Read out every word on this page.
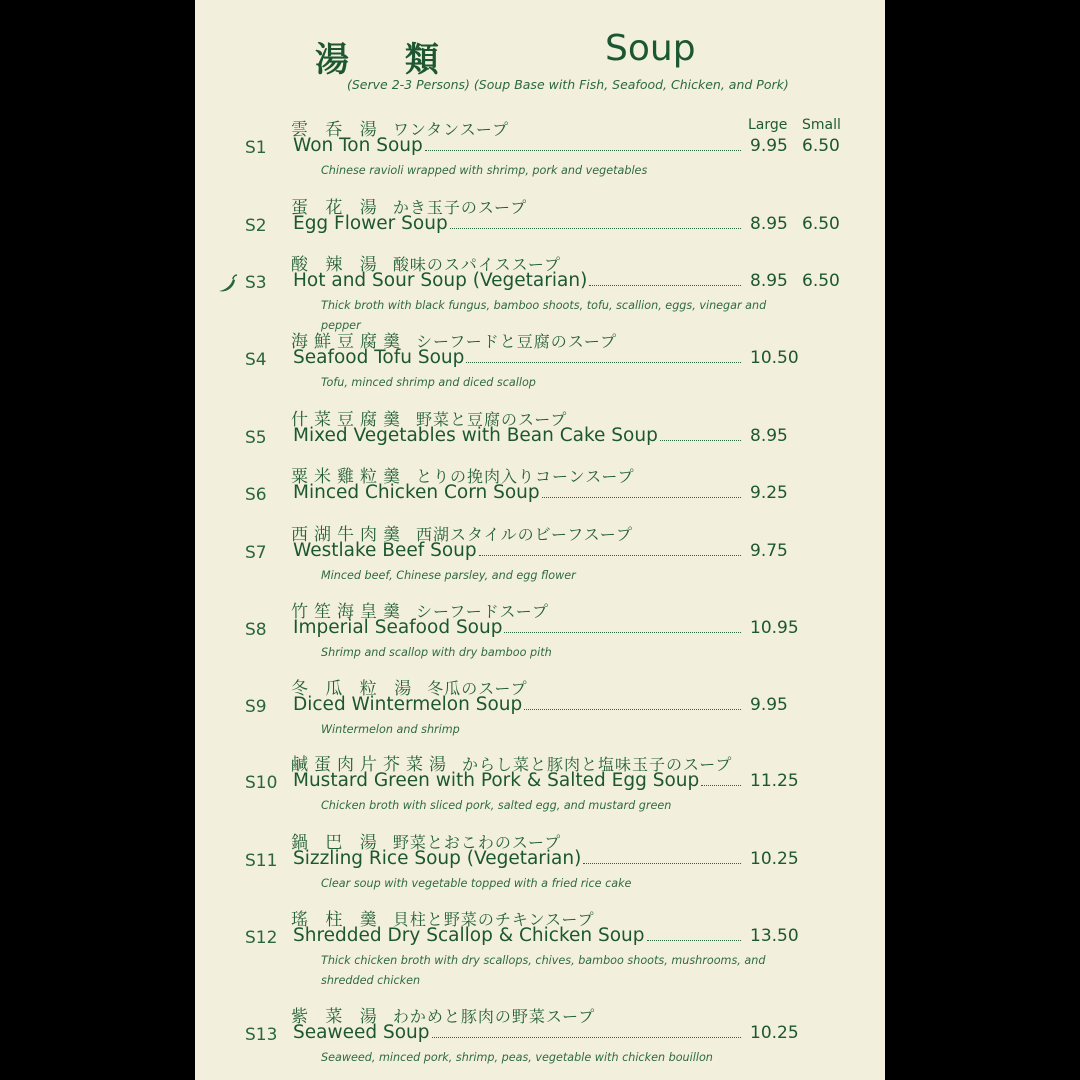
湯 類	Soup
(Serve 2-3 Persons) (Soup Base with Fish, Seafood, Chicken, and Pork)
Large Small
雲 呑 湯 ワンタンスープ
S1 Won Ton Soup	9.95 6.50
Chinese ravioli wrapped with shrimp, pork and vegetables
蛋 花 湯 かき玉子のスープ
S2 Egg Flower Soup	8.95 6.50
酸 辣 湯 酸味のスパイススープ
S3 Hot and Sour Soup (Vegetarian)	8.95 6.50
Thick broth with black fungus, bamboo shoots, tofu, scallion, eggs, vinegar and pepper
海鮮豆腐羹 シーフードと豆腐のスープ
S4 Seafood Tofu Soup	10.50
Tofu, minced shrimp and diced scallop
什菜豆腐羹 野菜と豆腐のスープ
S5 Mixed Vegetables with Bean Cake Soup	8.95
粟米雞粒羹 とりの挽肉入りコーンスープ
S6 Minced Chicken Corn Soup	9.25
西湖牛肉羹 西湖スタイルのビーフスープ
S7 Westlake Beef Soup	9.75
Minced beef, Chinese parsley, and egg flower
竹笙海皇羹 シーフードスープ
S8 Imperial Seafood Soup	10.95
Shrimp and scallop with dry bamboo pith
冬 瓜 粒 湯 冬瓜のスープ
S9 Diced Wintermelon Soup	9.95
Wintermelon and shrimp
鹹蛋肉片芥菜湯 からし菜と豚肉と塩味玉子のスープ
S10 Mustard Green with Pork & Salted Egg Soup	11.25
Chicken broth with sliced pork, salted egg, and mustard green
鍋 巴 湯 野菜とおこわのスープ
S11 Sizzling Rice Soup (Vegetarian)	10.25
Clear soup with vegetable topped with a fried rice cake
瑤 柱 羹 貝柱と野菜のチキンスープ
S12 Shredded Dry Scallop & Chicken Soup	13.50
Thick chicken broth with dry scallops, chives, bamboo shoots, mushrooms, and shredded chicken
紫 菜 湯 わかめと豚肉の野菜スープ
S13 Seaweed Soup	10.25
Seaweed, minced pork, shrimp, peas, vegetable with chicken bouillon
